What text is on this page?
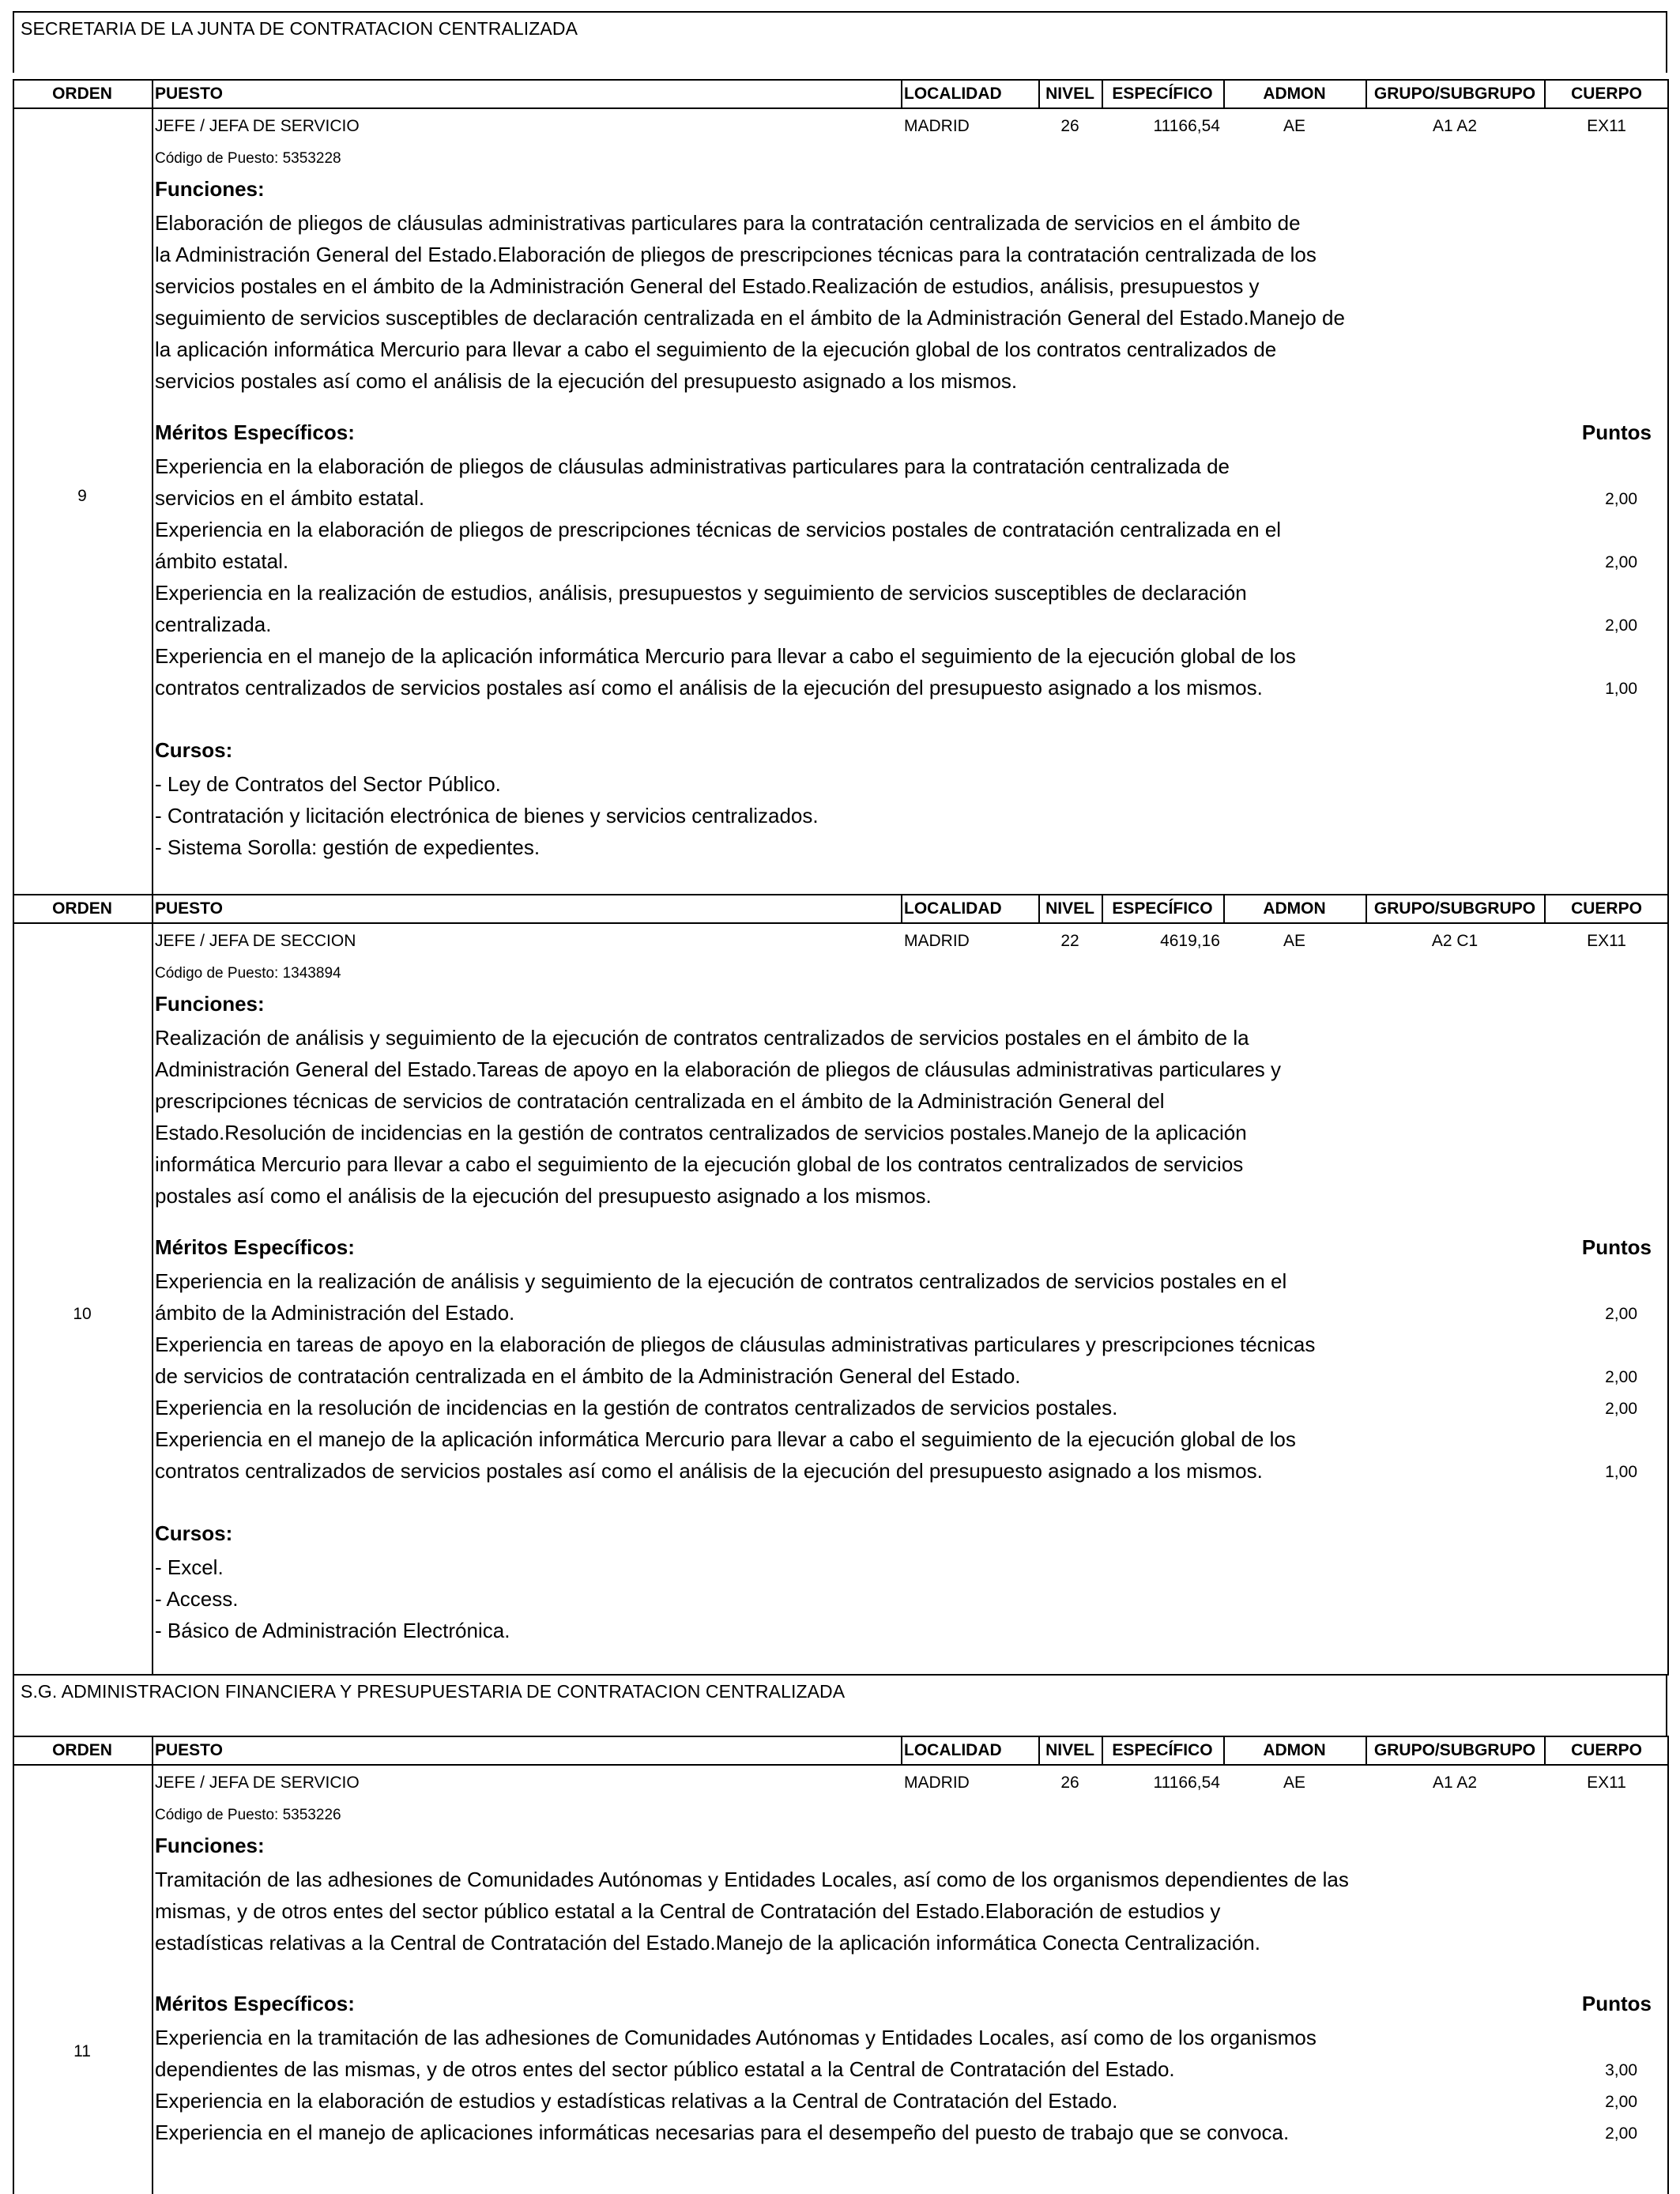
SECRETARIA DE LA JUNTA DE CONTRATACION CENTRALIZADA
S.G. ADMINISTRACION FINANCIERA Y PRESUPUESTARIA DE CONTRATACION CENTRALIZADA
ORDEN	PUESTO	LOCALIDAD	NIVEL	ESPECÍFICO	ADMON	GRUPO/SUBGRUPO	CUERPO
ORDEN	PUESTO	LOCALIDAD	NIVEL	ESPECÍFICO	ADMON	GRUPO/SUBGRUPO	CUERPO
ORDEN	PUESTO	LOCALIDAD	NIVEL	ESPECÍFICO	ADMON	GRUPO/SUBGRUPO	CUERPO
9
JEFE / JEFA DE SERVICIO	MADRID	26	11166,54	AE	A1 A2	EX11
Código de Puesto: 5353228
Funciones:
Elaboración de pliegos de cláusulas administrativas particulares para la contratación centralizada de servicios en el ámbito de
la Administración General del Estado.Elaboración de pliegos de prescripciones técnicas para la contratación centralizada de los
servicios postales en el ámbito de la Administración General del Estado.Realización de estudios, análisis, presupuestos y
seguimiento de servicios susceptibles de declaración centralizada en el ámbito de la Administración General del Estado.Manejo de
la aplicación informática Mercurio para llevar a cabo el seguimiento de la ejecución global de los contratos centralizados de
servicios postales así como el análisis de la ejecución del presupuesto asignado a los mismos.
Méritos Específicos:	Puntos
Experiencia en la elaboración de pliegos de cláusulas administrativas particulares para la contratación centralizada de
servicios en el ámbito estatal.	2,00
Experiencia en la elaboración de pliegos de prescripciones técnicas de servicios postales de contratación centralizada en el
ámbito estatal.	2,00
Experiencia en la realización de estudios, análisis, presupuestos y seguimiento de servicios susceptibles de declaración
centralizada.	2,00
Experiencia en el manejo de la aplicación informática Mercurio para llevar a cabo el seguimiento de la ejecución global de los
contratos centralizados de servicios postales así como el análisis de la ejecución del presupuesto asignado a los mismos.	1,00
Cursos:
- Ley de Contratos del Sector Público.
- Contratación y licitación electrónica de bienes y servicios centralizados.
- Sistema Sorolla: gestión de expedientes.
10
JEFE / JEFA DE SECCION	MADRID	22	4619,16	AE	A2 C1	EX11
Código de Puesto: 1343894
Funciones:
Realización de análisis y seguimiento de la ejecución de contratos centralizados de servicios postales en el ámbito de la
Administración General del Estado.Tareas de apoyo en la elaboración de pliegos de cláusulas administrativas particulares y
prescripciones técnicas de servicios de contratación centralizada en el ámbito de la Administración General del
Estado.Resolución de incidencias en la gestión de contratos centralizados de servicios postales.Manejo de la aplicación
informática Mercurio para llevar a cabo el seguimiento de la ejecución global de los contratos centralizados de servicios
postales así como el análisis de la ejecución del presupuesto asignado a los mismos.
Méritos Específicos:	Puntos
Experiencia en la realización de análisis y seguimiento de la ejecución de contratos centralizados de servicios postales en el
ámbito de la Administración del Estado.	2,00
Experiencia en tareas de apoyo en la elaboración de pliegos de cláusulas administrativas particulares y prescripciones técnicas
de servicios de contratación centralizada en el ámbito de la Administración General del Estado.	2,00
Experiencia en la resolución de incidencias en la gestión de contratos centralizados de servicios postales.	2,00
Experiencia en el manejo de la aplicación informática Mercurio para llevar a cabo el seguimiento de la ejecución global de los
contratos centralizados de servicios postales así como el análisis de la ejecución del presupuesto asignado a los mismos.	1,00
Cursos:
- Excel.
- Access.
- Básico de Administración Electrónica.
11
JEFE / JEFA DE SERVICIO	MADRID	26	11166,54	AE	A1 A2	EX11
Código de Puesto: 5353226
Funciones:
Tramitación de las adhesiones de Comunidades Autónomas y Entidades Locales, así como de los organismos dependientes de las
mismas, y de otros entes del sector público estatal a la Central de Contratación del Estado.Elaboración de estudios y
estadísticas relativas a la Central de Contratación del Estado.Manejo de la aplicación informática Conecta Centralización.
Méritos Específicos:	Puntos
Experiencia en la tramitación de las adhesiones de Comunidades Autónomas y Entidades Locales, así como de los organismos
dependientes de las mismas, y de otros entes del sector público estatal a la Central de Contratación del Estado.	3,00
Experiencia en la elaboración de estudios y estadísticas relativas a la Central de Contratación del Estado.	2,00
Experiencia en el manejo de aplicaciones informáticas necesarias para el desempeño del puesto de trabajo que se convoca.	2,00
